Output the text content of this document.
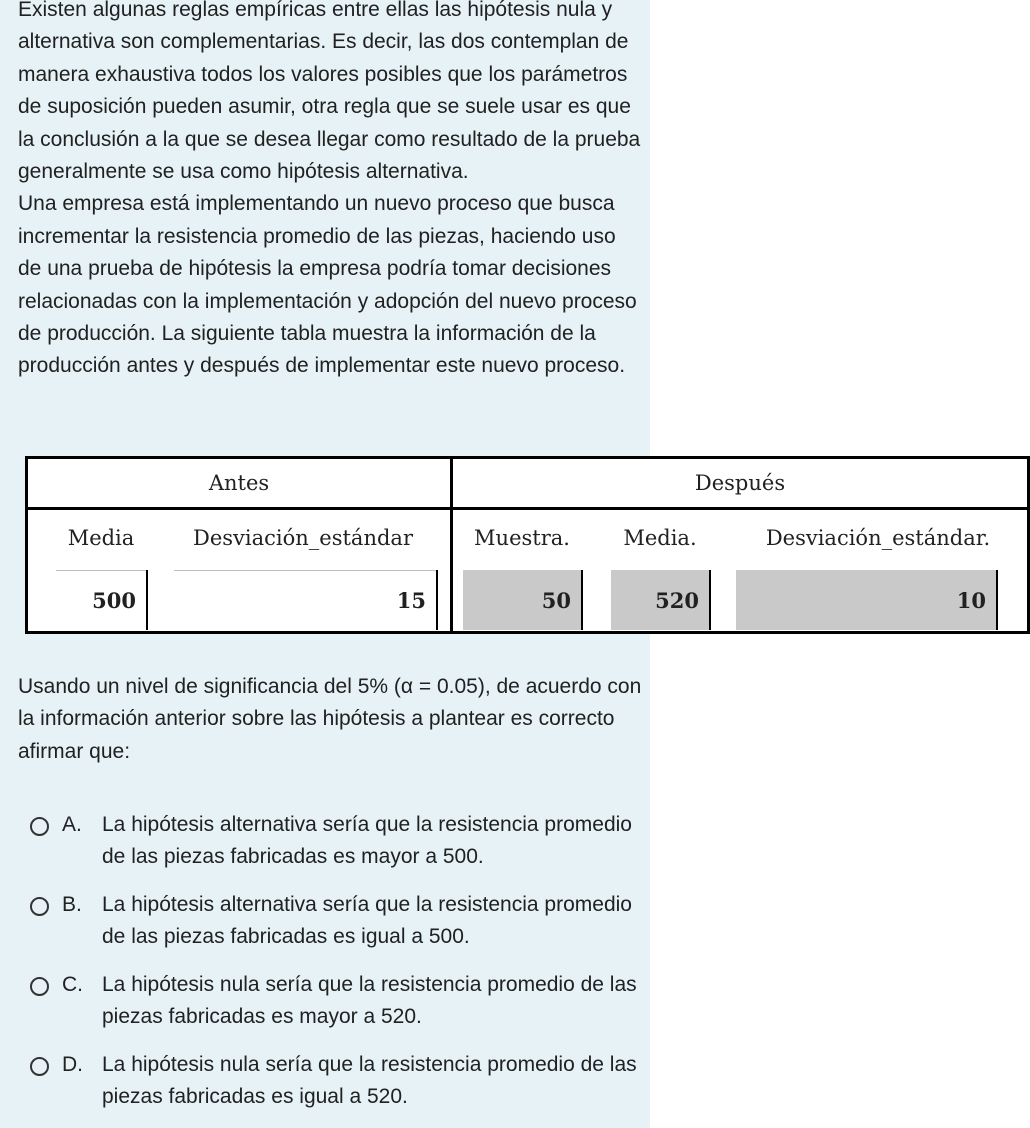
Existen algunas reglas empíricas entre ellas las hipótesis nula y alternativa son complementarias. Es decir, las dos contemplan de manera exhaustiva todos los valores posibles que los parámetros de suposición pueden asumir, otra regla que se suele usar es que la conclusión a la que se desea llegar como resultado de la prueba generalmente se usa como hipótesis alternativa.

Una empresa está implementando un nuevo proceso que busca incrementar la resistencia promedio de las piezas, haciendo uso de una prueba de hipótesis la empresa podría tomar decisiones relacionadas con la implementación y adopción del nuevo proceso de producción. La siguiente tabla muestra la información de la producción antes y después de implementar este nuevo proceso.

Antes	Después
Media	Desviación_estándar	Muestra.	Media.	Desviación_estándar.
500	15	50	520	10

Usando un nivel de significancia del 5% (α = 0.05), de acuerdo con la información anterior sobre las hipótesis a plantear es correcto afirmar que:

A. La hipótesis alternativa sería que la resistencia promedio de las piezas fabricadas es mayor a 500.
B. La hipótesis alternativa sería que la resistencia promedio de las piezas fabricadas es igual a 500.
C. La hipótesis nula sería que la resistencia promedio de las piezas fabricadas es mayor a 520.
D. La hipótesis nula sería que la resistencia promedio de las piezas fabricadas es igual a 520.
